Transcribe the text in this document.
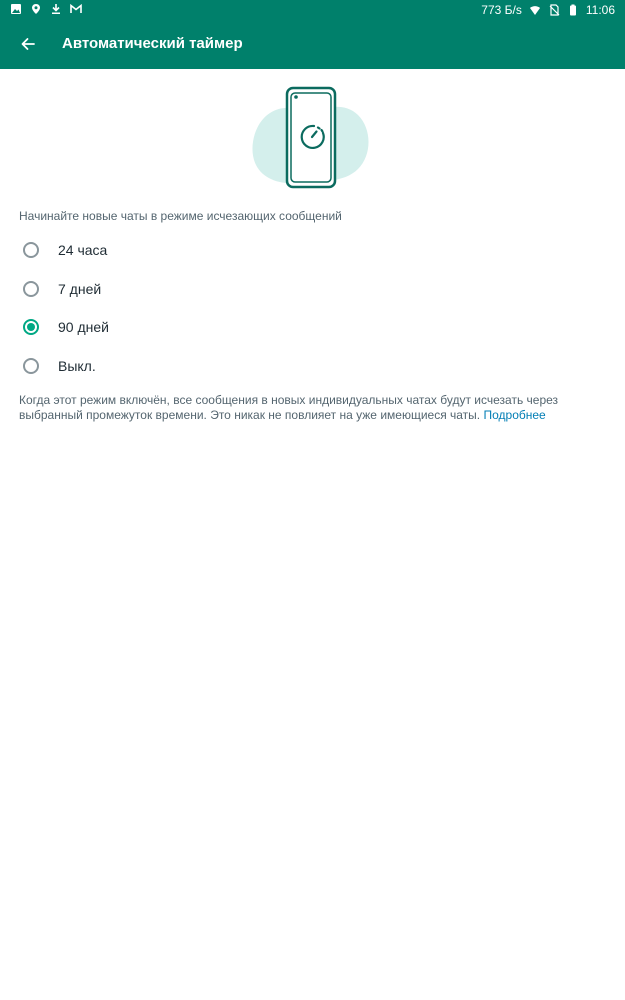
773 Б/s	11:06
Автоматический таймер
Начинайте новые чаты в режиме исчезающих сообщений
24 часа
7 дней
90 дней
Выкл.
Когда этот режим включён, все сообщения в новых индивидуальных чатах будут исчезать через выбранный промежуток времени. Это никак не повлияет на уже имеющиеся чаты. Подробнее
